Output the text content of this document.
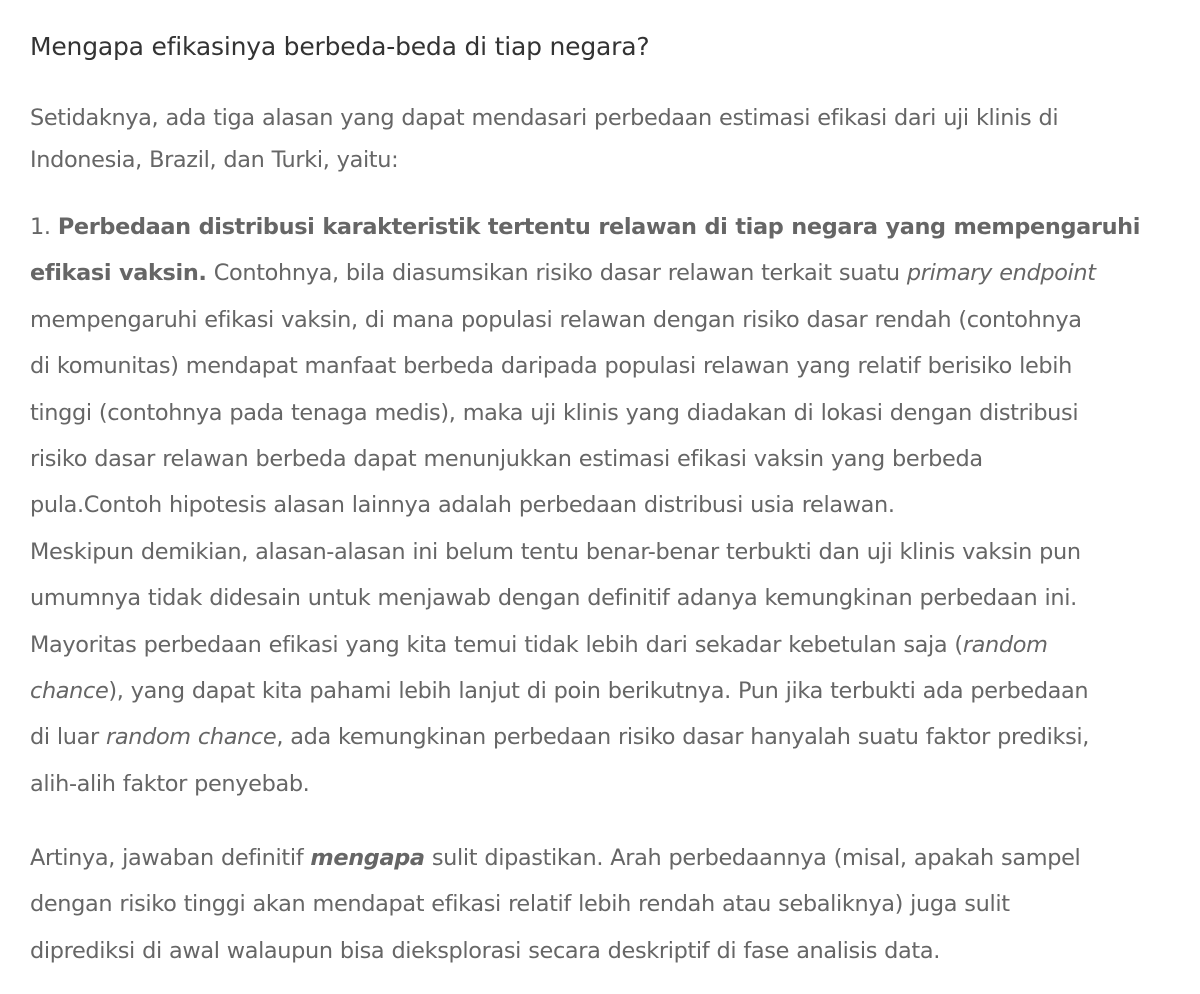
Mengapa efikasinya berbeda-beda di tiap negara?

Setidaknya, ada tiga alasan yang dapat mendasari perbedaan estimasi efikasi dari uji klinis di
Indonesia, Brazil, dan Turki, yaitu:

1. Perbedaan distribusi karakteristik tertentu relawan di tiap negara yang mempengaruhi
efikasi vaksin. Contohnya, bila diasumsikan risiko dasar relawan terkait suatu primary endpoint
mempengaruhi efikasi vaksin, di mana populasi relawan dengan risiko dasar rendah (contohnya
di komunitas) mendapat manfaat berbeda daripada populasi relawan yang relatif berisiko lebih
tinggi (contohnya pada tenaga medis), maka uji klinis yang diadakan di lokasi dengan distribusi
risiko dasar relawan berbeda dapat menunjukkan estimasi efikasi vaksin yang berbeda
pula.Contoh hipotesis alasan lainnya adalah perbedaan distribusi usia relawan.
Meskipun demikian, alasan-alasan ini belum tentu benar-benar terbukti dan uji klinis vaksin pun
umumnya tidak didesain untuk menjawab dengan definitif adanya kemungkinan perbedaan ini.
Mayoritas perbedaan efikasi yang kita temui tidak lebih dari sekadar kebetulan saja (random
chance), yang dapat kita pahami lebih lanjut di poin berikutnya. Pun jika terbukti ada perbedaan
di luar random chance, ada kemungkinan perbedaan risiko dasar hanyalah suatu faktor prediksi,
alih-alih faktor penyebab.

Artinya, jawaban definitif mengapa sulit dipastikan. Arah perbedaannya (misal, apakah sampel
dengan risiko tinggi akan mendapat efikasi relatif lebih rendah atau sebaliknya) juga sulit
diprediksi di awal walaupun bisa dieksplorasi secara deskriptif di fase analisis data.
